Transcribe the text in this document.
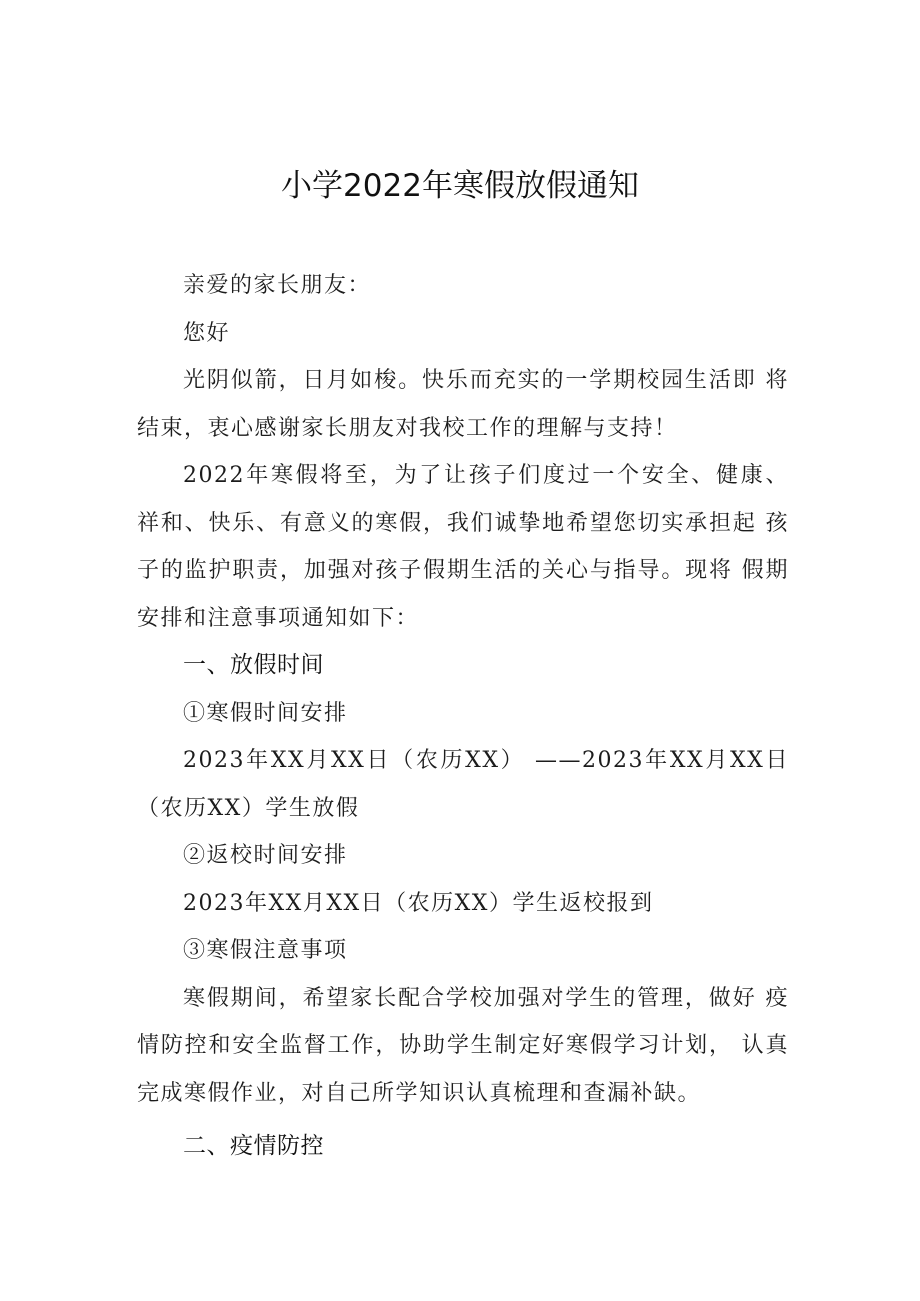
小学2022年寒假放假通知

亲爱的家长朋友：

您好

光阴似箭，日月如梭。快乐而充实的一学期校园生活即 将结束，衷心感谢家长朋友对我校工作的理解与支持！

2022年寒假将至，为了让孩子们度过一个安全、健康、 祥和、快乐、有意义的寒假，我们诚挚地希望您切实承担起 孩子的监护职责，加强对孩子假期生活的关心与指导。现将 假期安排和注意事项通知如下：

一、放假时间

①寒假时间安排

2023年XX月XX日（农历XX） ——2023年XX月XX日 （农历XX）学生放假

②返校时间安排

2023年XX月XX日（农历XX）学生返校报到

③寒假注意事项

寒假期间，希望家长配合学校加强对学生的管理，做好 疫情防控和安全监督工作，协助学生制定好寒假学习计划， 认真完成寒假作业，对自己所学知识认真梳理和查漏补缺。

二、疫情防控
